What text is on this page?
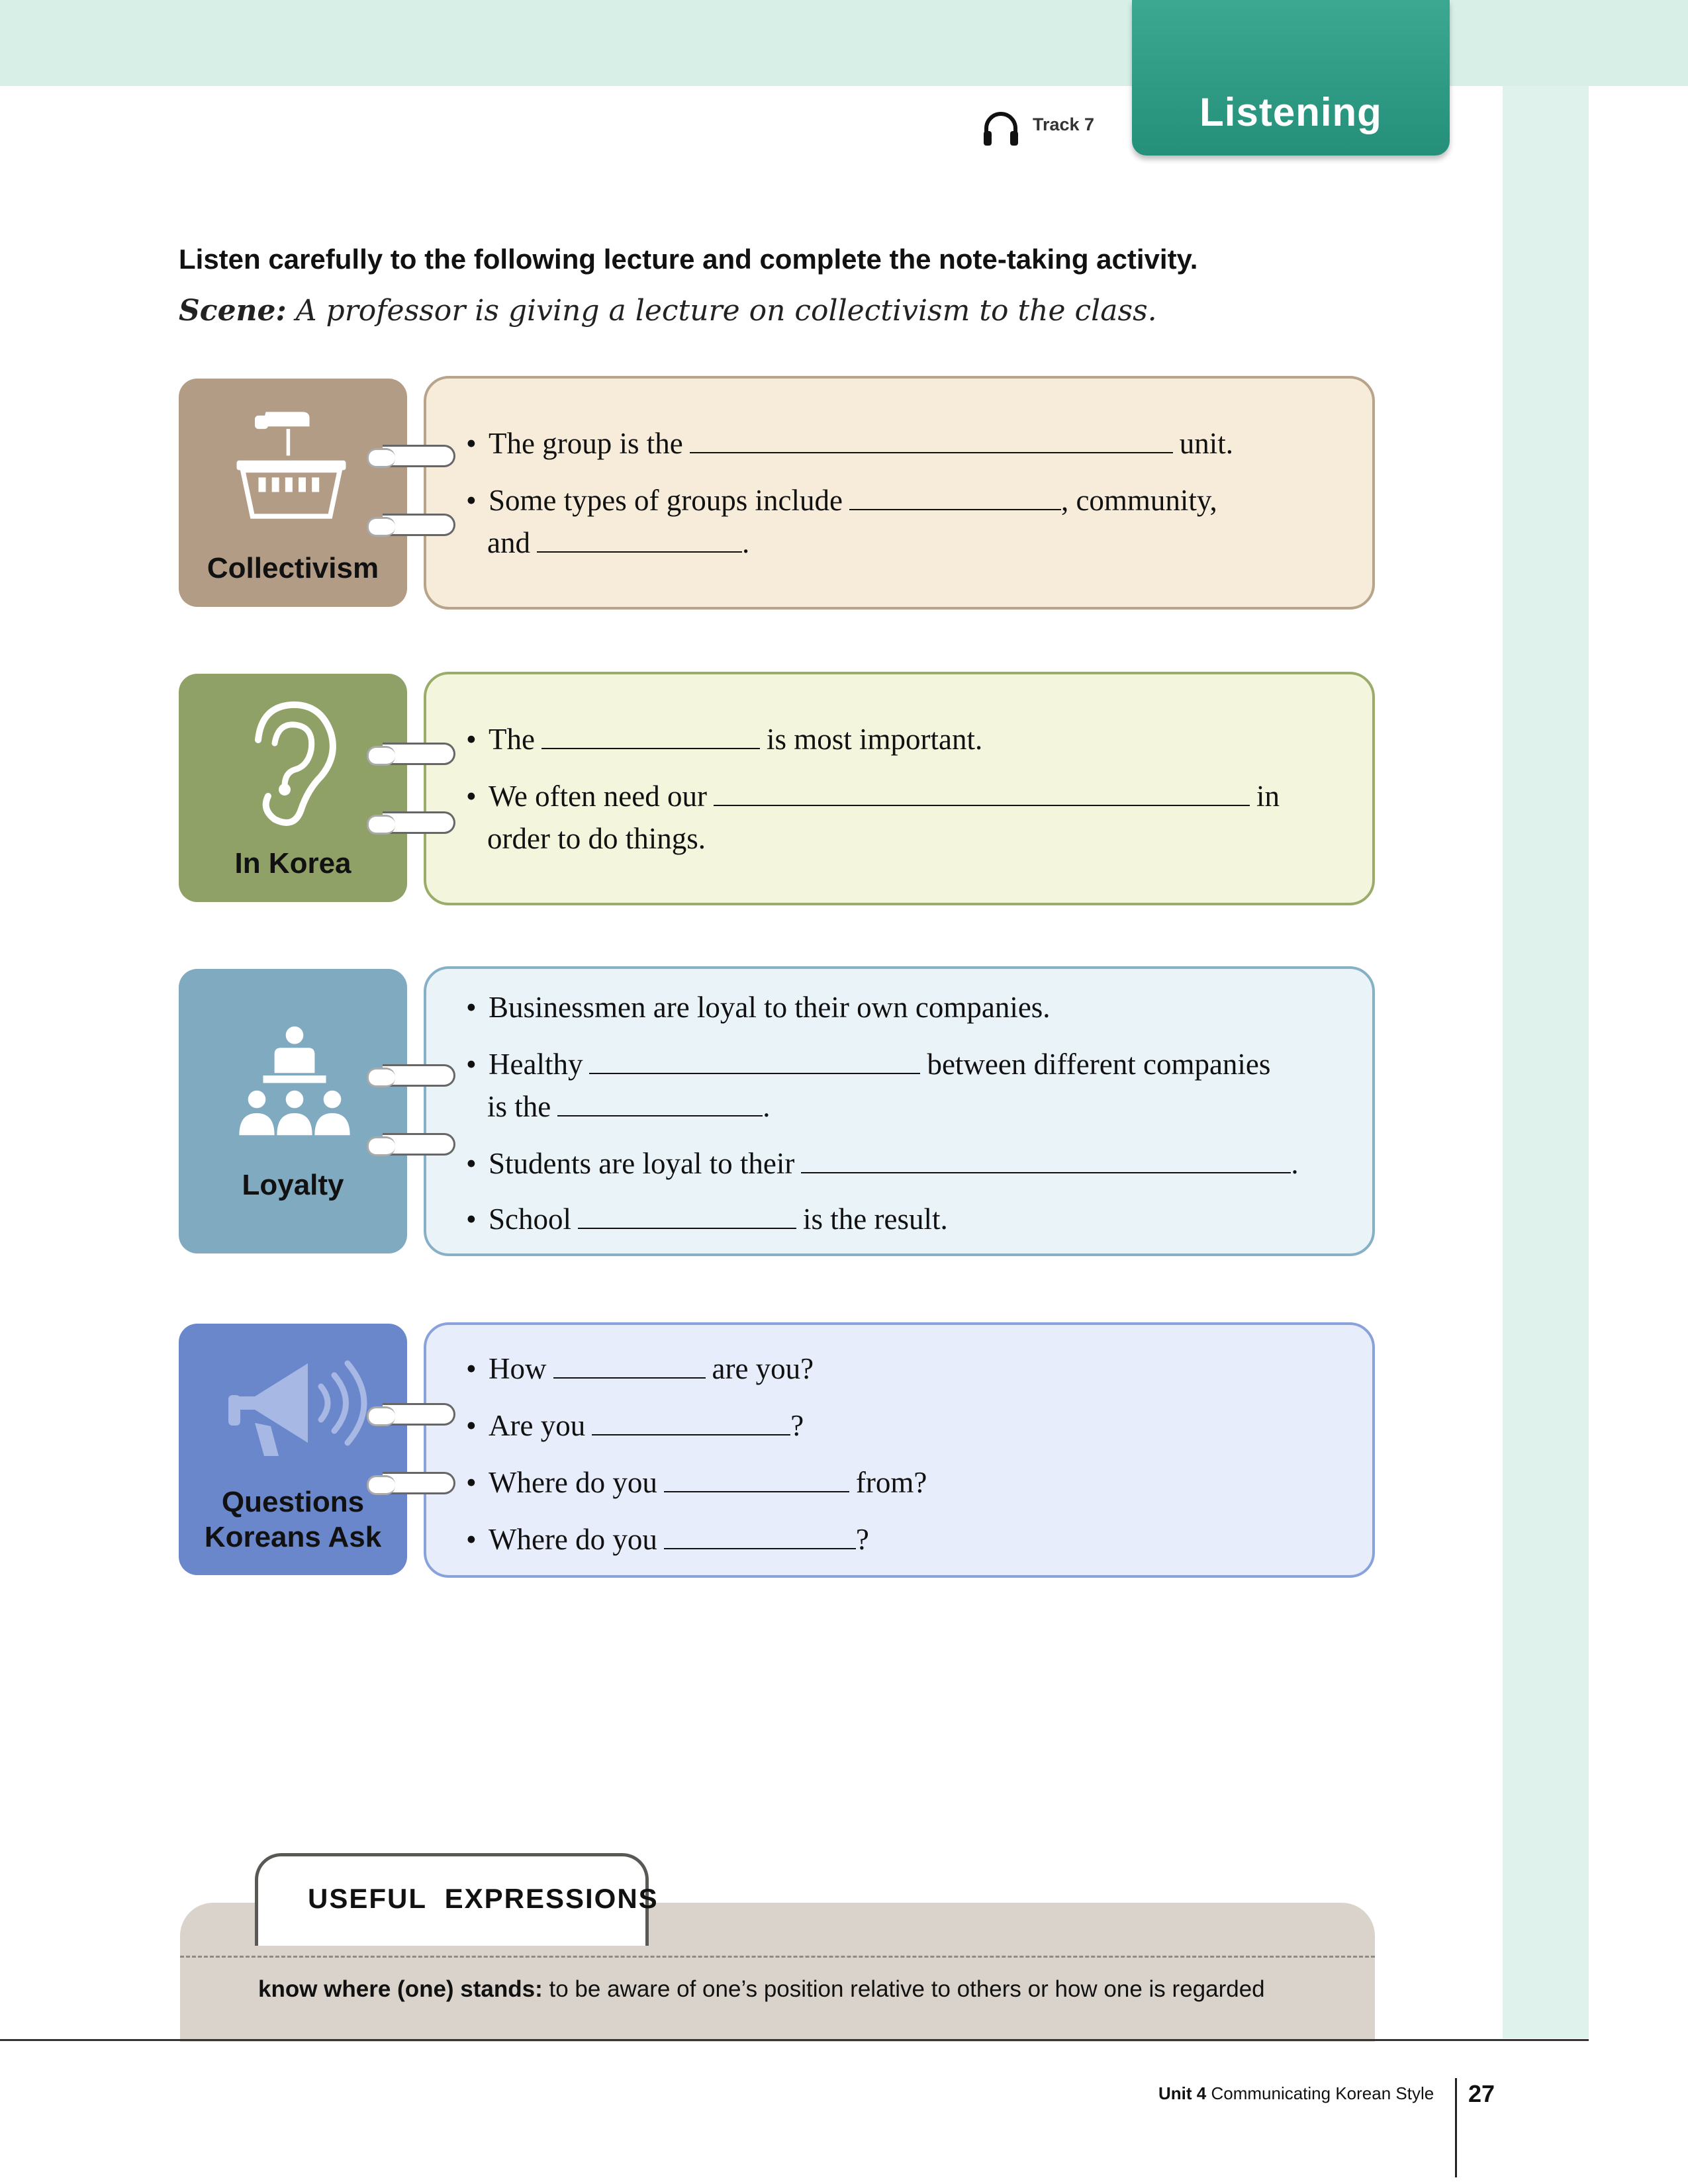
Listening
Track 7
Listen carefully to the following lecture and complete the note-taking activity.
Scene: A professor is giving a lecture on collectivism to the class.
Collectivism
• The group is the	unit.
• Some types of groups include	, community,
and	.
In Korea
• The	is most important.
• We often need our	in
order to do things.
Loyalty
• Businessmen are loyal to their own companies.
• Healthy	between different companies
is the	.
• Students are loyal to their	.
• School	is the result.
Questions
Koreans Ask
• How	are you?
• Are you	?
• Where do you	from?
• Where do you	?
USEFUL  EXPRESSIONS
know where (one) stands: to be aware of one’s position relative to others or how one is regarded
Unit 4 Communicating Korean Style 27
